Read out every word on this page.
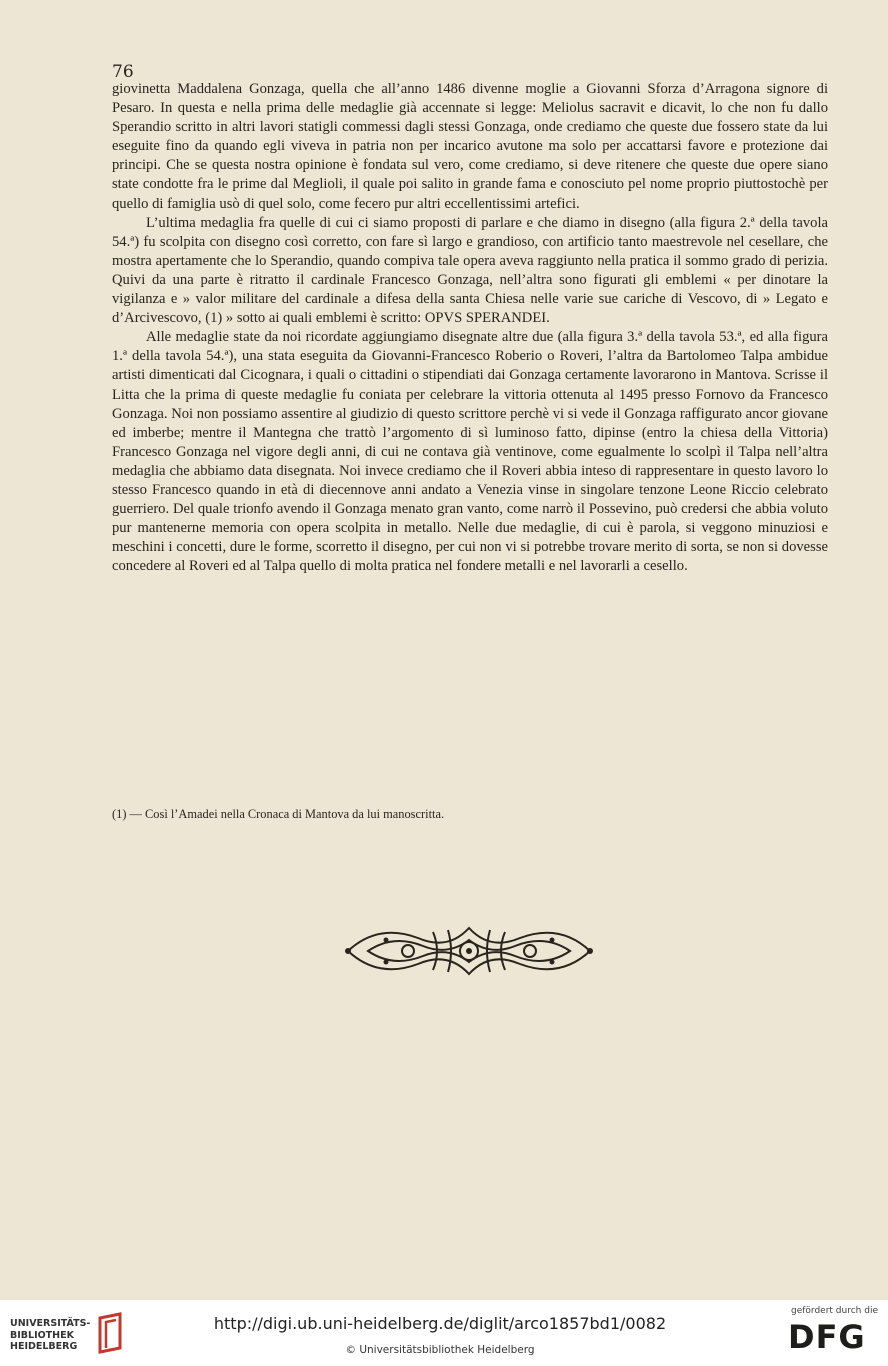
76

giovinetta Maddalena Gonzaga, quella che all’anno 1486 divenne moglie a Giovanni Sforza d’Arragona signore di Pesaro. In questa e nella prima delle medaglie già accennate si legge: Meliolus sacravit e dicavit, lo che non fu dallo Sperandio scritto in altri lavori statigli commessi dagli stessi Gonzaga, onde crediamo che queste due fossero state da lui eseguite fino da quando egli viveva in patria non per incarico avutone ma solo per accattarsi favore e protezione dai principi. Che se questa nostra opinione è fondata sul vero, come crediamo, si deve ritenere che queste due opere siano state condotte fra le prime dal Meglioli, il quale poi salito in grande fama e conosciuto pel nome proprio piuttostochè per quello di famiglia usò di quel solo, come fecero pur altri eccellentissimi artefici.

L’ultima medaglia fra quelle di cui ci siamo proposti di parlare e che diamo in disegno (alla figura 2.ª della tavola 54.ª) fu scolpita con disegno così corretto, con fare sì largo e grandioso, con artificio tanto maestrevole nel cesellare, che mostra apertamente che lo Sperandio, quando compiva tale opera aveva raggiunto nella pratica il sommo grado di perizia. Quivi da una parte è ritratto il cardinale Francesco Gonzaga, nell’altra sono figurati gli emblemi « per dinotare la vigilanza e » valor militare del cardinale a difesa della santa Chiesa nelle varie sue cariche di Vescovo, di » Legato e d’Arcivescovo, (1) » sotto ai quali emblemi è scritto: OPVS SPERANDEI.

Alle medaglie state da noi ricordate aggiungiamo disegnate altre due (alla figura 3.ª della tavola 53.ª, ed alla figura 1.ª della tavola 54.ª), una stata eseguita da Giovanni-Francesco Roberio o Roveri, l’altra da Bartolomeo Talpa ambidue artisti dimenticati dal Cicognara, i quali o cittadini o stipendiati dai Gonzaga certamente lavorarono in Mantova. Scrisse il Litta che la prima di queste medaglie fu coniata per celebrare la vittoria ottenuta al 1495 presso Fornovo da Francesco Gonzaga. Noi non possiamo assentire al giudizio di questo scrittore perchè vi si vede il Gonzaga raffigurato ancor giovane ed imberbe; mentre il Mantegna che trattò l’argomento di sì luminoso fatto, dipinse (entro la chiesa della Vittoria) Francesco Gonzaga nel vigore degli anni, di cui ne contava già ventinove, come egualmente lo scolpì il Talpa nell’altra medaglia che abbiamo data disegnata. Noi invece crediamo che il Roveri abbia inteso di rappresentare in questo lavoro lo stesso Francesco quando in età di diecennove anni andato a Venezia vinse in singolare tenzone Leone Riccio celebrato guerriero. Del quale trionfo avendo il Gonzaga menato gran vanto, come narrò il Possevino, può credersi che abbia voluto pur mantenerne memoria con opera scolpita in metallo. Nelle due medaglie, di cui è parola, si veggono minuziosi e meschini i concetti, dure le forme, scorretto il disegno, per cui non vi si potrebbe trovare merito di sorta, se non si dovesse concedere al Roveri ed al Talpa quello di molta pratica nel fondere metalli e nel lavorarli a cesello.

(1) — Così l’Amadei nella Cronaca di Mantova da lui manoscritta.
UNIVERSITÄTS-
BIBLIOTHEK
HEIDELBERG
http://digi.ub.uni-heidelberg.de/diglit/arco1857bd1/0082
© Universitätsbibliothek Heidelberg
gefördert durch die
DFG
